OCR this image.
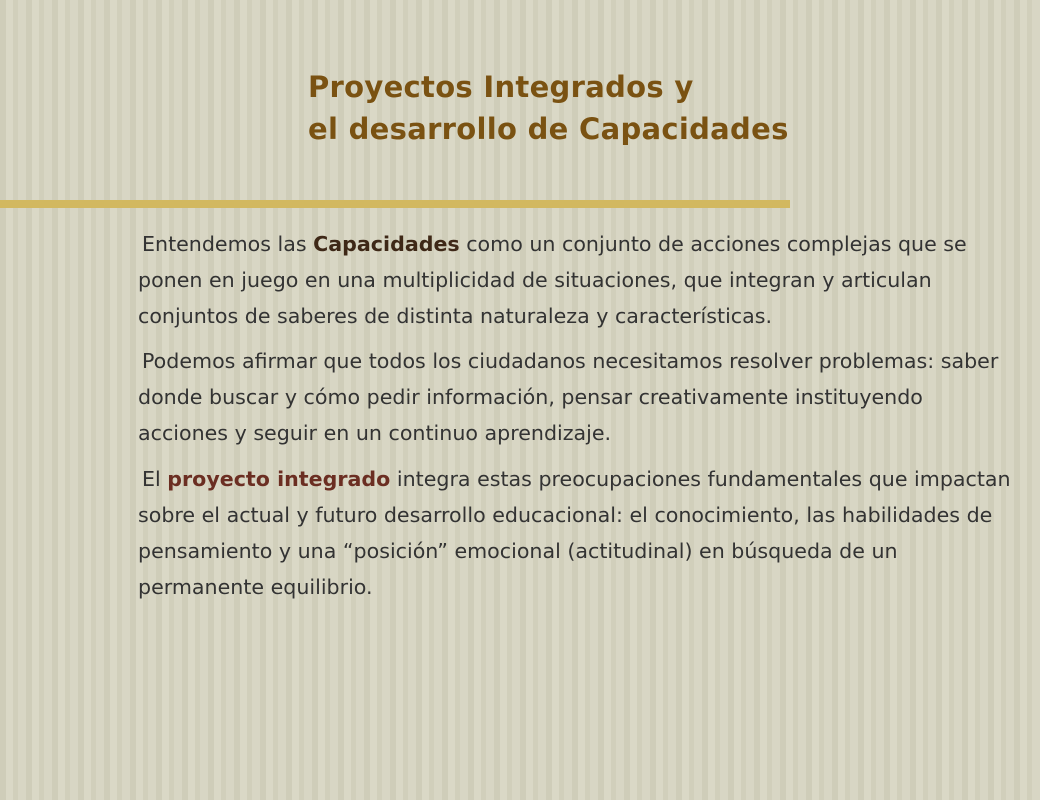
Proyectos Integrados y
el desarrollo de Capacidades

Entendemos las Capacidades como un conjunto de acciones complejas que se ponen en juego en una multiplicidad de situaciones, que integran y articulan conjuntos de saberes de distinta naturaleza y características.

Podemos afirmar que todos los ciudadanos necesitamos resolver problemas: saber donde buscar y cómo pedir información, pensar creativamente instituyendo acciones y seguir en un continuo aprendizaje.

El proyecto integrado integra estas preocupaciones fundamentales que impactan sobre el actual y futuro desarrollo educacional: el conocimiento, las habilidades de pensamiento y una “posición” emocional (actitudinal) en búsqueda de un permanente equilibrio.
